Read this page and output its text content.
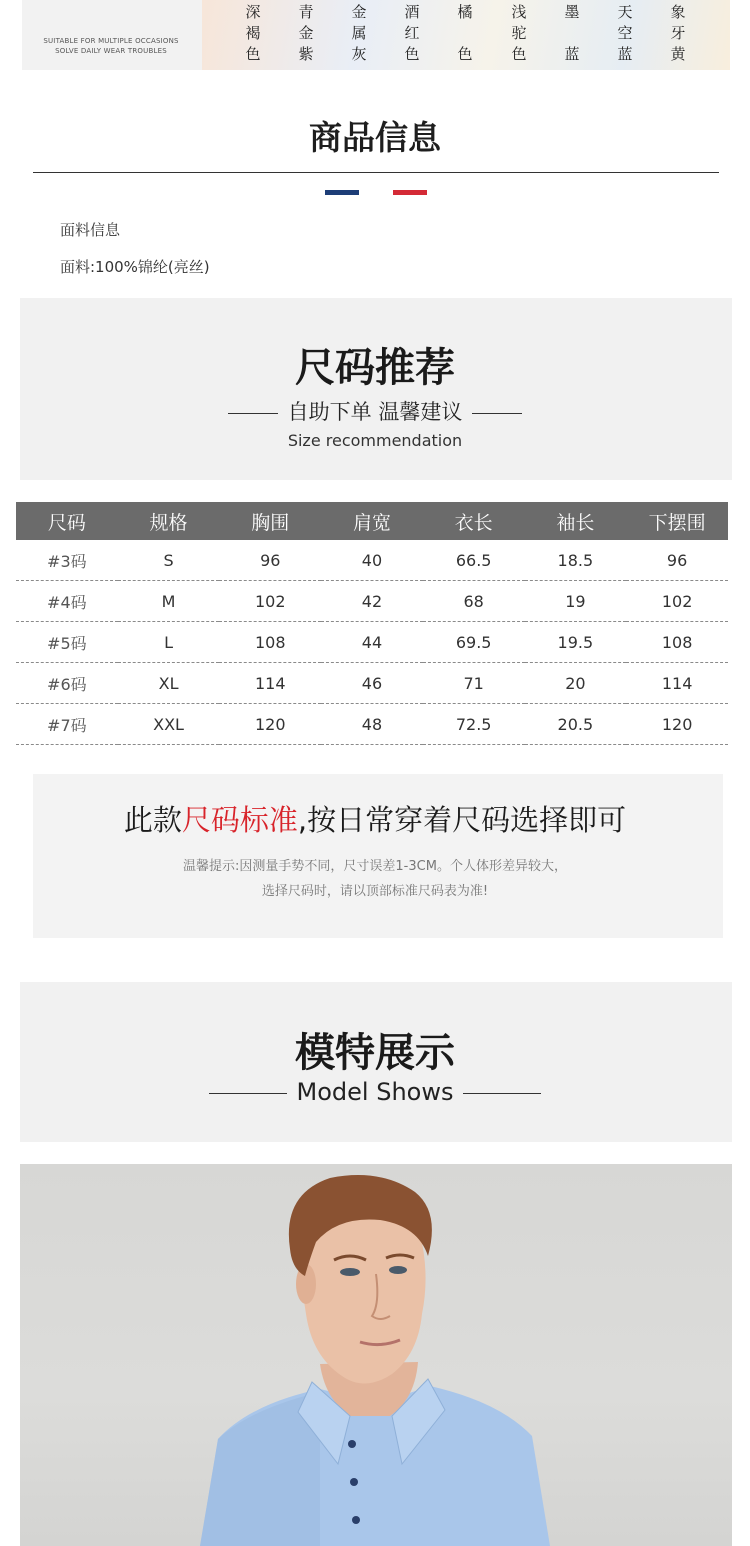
SUITABLE FOR MULTIPLE OCCASIONS
SOLVE DAILY WEAR TROUBLES
深
褐
色
青
金
紫
金
属
灰
酒
红
色
橘

色
浅
驼
色
墨

蓝
天
空
蓝
象
牙
黄
商品信息
面料信息
面料:100%锦纶(亮丝)
尺码推荐
自助下单 温馨建议
Size recommendation
尺码	规格	胸围	肩宽	衣长	袖长	下摆围
#3码	S	96	40	66.5	18.5	96
#4码	M	102	42	68	19	102
#5码	L	108	44	69.5	19.5	108
#6码	XL	114	46	71	20	114
#7码	XXL	120	48	72.5	20.5	120
此款尺码标准,按日常穿着尺码选择即可
温馨提示:因测量手势不同，尺寸误差1-3CM。个人体形差异较大，
选择尺码时，请以顶部标准尺码表为准!
模特展示
Model Shows
